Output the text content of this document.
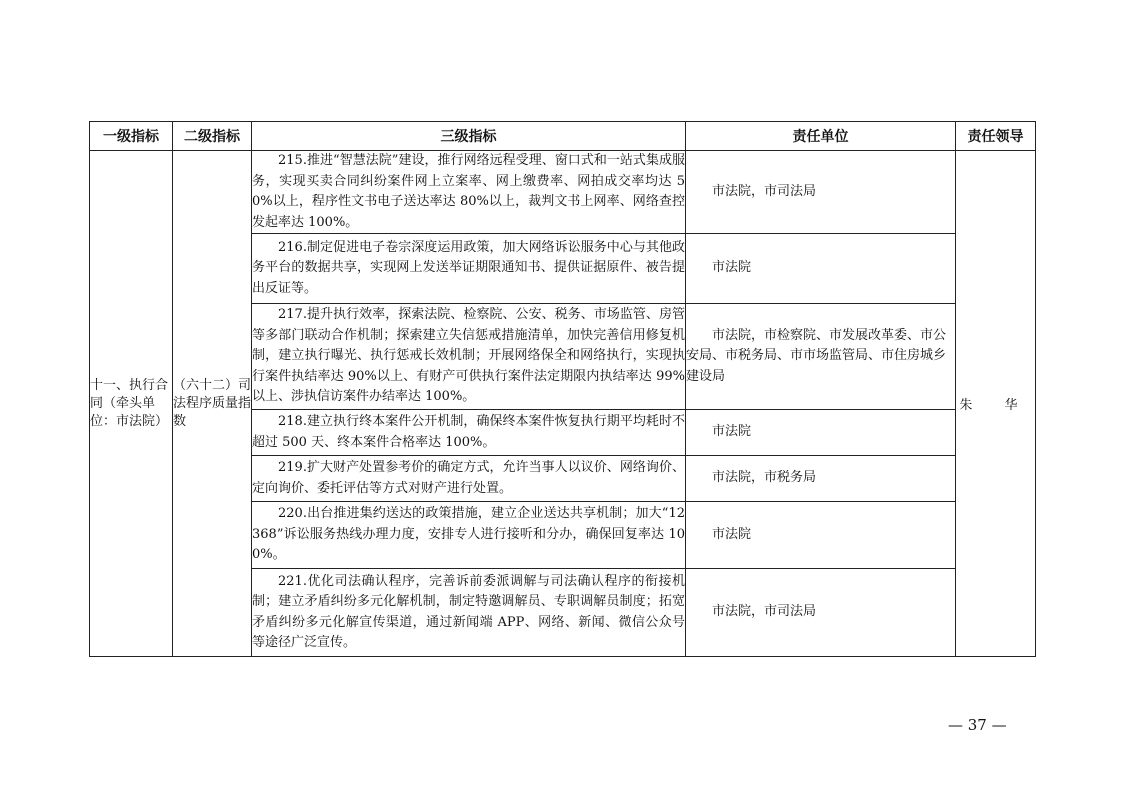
一级指标	二级指标	三级指标	责任单位	责任领导
十一、执行合同（牵头单位：市法院）	（六十二）司法程序质量指数	215.推进“智慧法院”建设，推行网络远程受理、窗口式和一站式集成服务，实现买卖合同纠纷案件网上立案率、网上缴费率、网拍成交率均达 50%以上，程序性文书电子送达率达 80%以上，裁判文书上网率、网络查控发起率达 100%。	市法院，市司法局	朱 华
		216.制定促进电子卷宗深度运用政策，加大网络诉讼服务中心与其他政务平台的数据共享，实现网上发送举证期限通知书、提供证据原件、被告提出反证等。	市法院	
		217.提升执行效率，探索法院、检察院、公安、税务、市场监管、房管等多部门联动合作机制；探索建立失信惩戒措施清单，加快完善信用修复机制，建立执行曝光、执行惩戒长效机制；开展网络保全和网络执行，实现执行案件执结率达 90%以上、有财产可供执行案件法定期限内执结率达 99%以上、涉执信访案件办结率达 100%。	市法院，市检察院、市发展改革委、市公安局、市税务局、市市场监管局、市住房城乡建设局	
		218.建立执行终本案件公开机制，确保终本案件恢复执行期平均耗时不超过 500 天、终本案件合格率达 100%。	市法院	
		219.扩大财产处置参考价的确定方式，允许当事人以议价、网络询价、定向询价、委托评估等方式对财产进行处置。	市法院，市税务局	
		220.出台推进集约送达的政策措施，建立企业送达共享机制；加大“12368”诉讼服务热线办理力度，安排专人进行接听和分办，确保回复率达 100%。	市法院	
		221.优化司法确认程序，完善诉前委派调解与司法确认程序的衔接机制；建立矛盾纠纷多元化解机制，制定特邀调解员、专职调解员制度；拓宽矛盾纠纷多元化解宣传渠道，通过新闻端 APP、网络、新闻、微信公众号等途径广泛宣传。	市法院，市司法局	
— 37 —
